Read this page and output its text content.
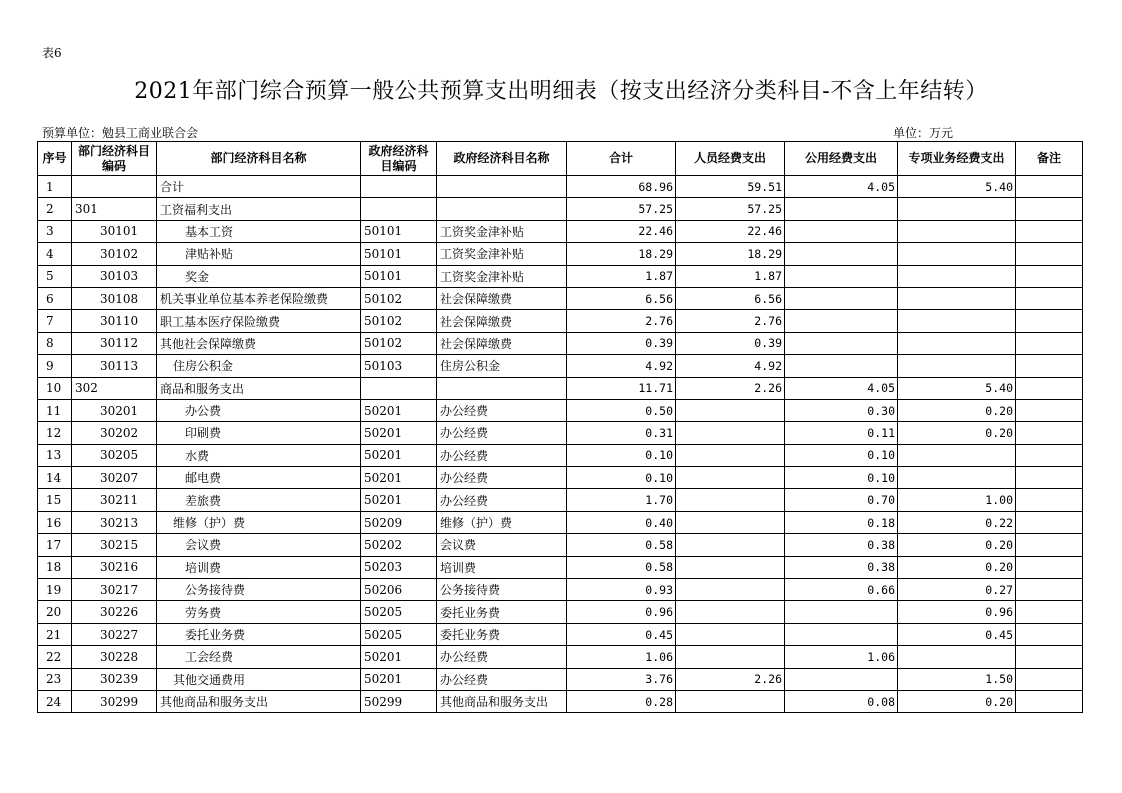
表6
2021年部门综合预算一般公共预算支出明细表（按支出经济分类科目-不含上年结转）
预算单位：勉县工商业联合会	单位：万元
序号	部门经济科目编码	部门经济科目名称	政府经济科目编码	政府经济科目名称	合计	人员经费支出	公用经费支出	专项业务经费支出	备注
1		合计			68.96	59.51	4.05	5.40	
2	301	工资福利支出			57.25	57.25			
3	30101	基本工资	50101	工资奖金津补贴	22.46	22.46			
4	30102	津贴补贴	50101	工资奖金津补贴	18.29	18.29			
5	30103	奖金	50101	工资奖金津补贴	1.87	1.87			
6	30108	机关事业单位基本养老保险缴费	50102	社会保障缴费	6.56	6.56			
7	30110	职工基本医疗保险缴费	50102	社会保障缴费	2.76	2.76			
8	30112	其他社会保障缴费	50102	社会保障缴费	0.39	0.39			
9	30113	住房公积金	50103	住房公积金	4.92	4.92			
10	302	商品和服务支出			11.71	2.26	4.05	5.40	
11	30201	办公费	50201	办公经费	0.50		0.30	0.20	
12	30202	印刷费	50201	办公经费	0.31		0.11	0.20	
13	30205	水费	50201	办公经费	0.10		0.10		
14	30207	邮电费	50201	办公经费	0.10		0.10		
15	30211	差旅费	50201	办公经费	1.70		0.70	1.00	
16	30213	维修（护）费	50209	维修（护）费	0.40		0.18	0.22	
17	30215	会议费	50202	会议费	0.58		0.38	0.20	
18	30216	培训费	50203	培训费	0.58		0.38	0.20	
19	30217	公务接待费	50206	公务接待费	0.93		0.66	0.27	
20	30226	劳务费	50205	委托业务费	0.96			0.96	
21	30227	委托业务费	50205	委托业务费	0.45			0.45	
22	30228	工会经费	50201	办公经费	1.06		1.06		
23	30239	其他交通费用	50201	办公经费	3.76	2.26		1.50	
24	30299	其他商品和服务支出	50299	其他商品和服务支出	0.28		0.08	0.20	
